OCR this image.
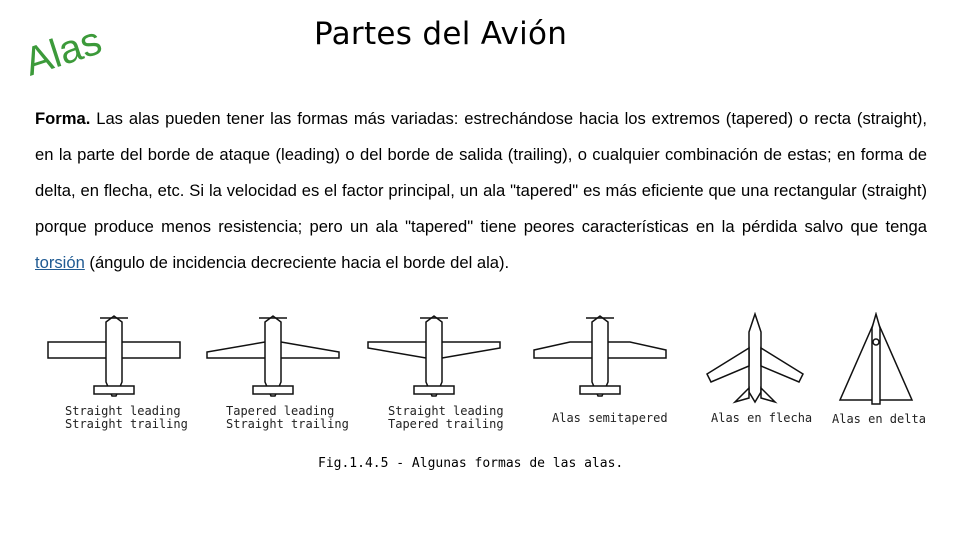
Alas	Partes del Avión
Forma. Las alas pueden tener las formas más variadas: estrechándose hacia los extremos (tapered) o recta (straight), en la parte del borde de ataque (leading) o del borde de salida (trailing), o cualquier combinación de estas; en forma de delta, en flecha, etc. Si la velocidad es el factor principal, un ala "tapered" es más eficiente que una rectangular (straight) porque produce menos resistencia; pero un ala "tapered" tiene peores características en la pérdida salvo que tenga torsión (ángulo de incidencia decreciente hacia el borde del ala).
Straight leading
Straight trailing
Tapered leading
Straight trailing
Straight leading
Tapered trailing	Alas semitapered	Alas en flecha Alas en delta
Fig.1.4.5 - Algunas formas de las alas.
